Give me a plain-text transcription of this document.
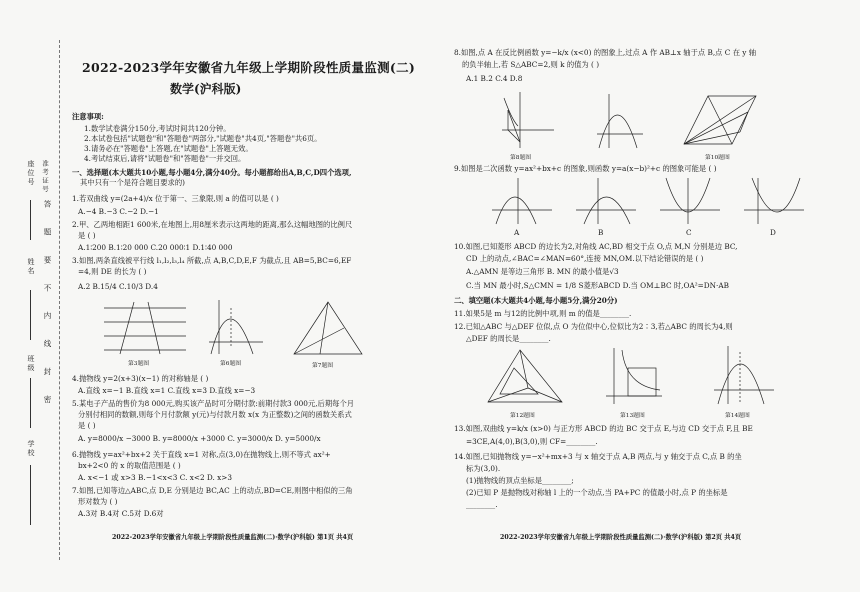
座位号
姓名
班级
学校
准考证号
答 题 要 不 内 线 封 密
2022-2023学年安徽省九年级上学期阶段性质量监测(二)
数学(沪科版)
注意事项:
1.数学试卷满分150分,考试时间共120分钟。
2.本试卷包括"试题卷"和"答题卷"两部分,"试题卷"共4页,"答题卷"共6页。
3.请务必在"答题卷"上答题,在"试题卷"上答题无效。
4.考试结束后,请将"试题卷"和"答题卷"一并交回。
一、选择题(本大题共10小题,每小题4分,满分40分。每小题都给出A,B,C,D四个选项,
其中只有一个是符合题目要求的)
1.若双曲线 y=(2a+4)/x 位于第一、三象限,则 a 的值可以是 ( )
A.−4 B.−3 C.−2 D.−1
2.甲、乙两地相距1 600米,在地图上,用8厘米表示这两地的距离,那么这幅地图的比例尺
是 ( )
A.1∶200 B.1∶20 000 C.20 000∶1 D.1∶40 000
3.如图,两条直线被平行线 l₁,l₂,l₃,l₄ 所截,点 A,B,C,D,E,F 为截点,且 AB=5,BC=6,EF
=4,则 DE 的长为 ( )
A.2 B.15/4 C.10/3 D.4
第3题图	第6题图	第7题图
4.抛物线 y=2(x+3)(x−1) 的对称轴是 ( )
A.直线 x=−1 B.直线 x=1 C.直线 x=3 D.直线 x=−3
5.某电子产品的售价为8 000元,购买该产品时可分期付款:前期付款3 000元,后期每个月
分别付相同的数额,则每个月付款额 y(元)与付款月数 x(x 为正整数)之间的函数关系式
是 ( )
A. y=8000/x −3000 B. y=8000/x +3000 C. y=3000/x D. y=5000/x
6.抛物线 y=ax²+bx+2 关于直线 x=1 对称,点(3,0)在抛物线上,则不等式 ax²+
bx+2<0 的 x 的取值范围是 ( )
A. x<−1 或 x>3 B.−1<x<3 C. x<2 D. x>3
7.如图,已知等边△ABC,点 D,E 分别是边 BC,AC 上的动点,BD=CE,则图中相似的三角
形对数为 ( )
A.3对 B.4对 C.5对 D.6对
2022-2023学年安徽省九年级上学期阶段性质量监测(二)·数学(沪科版) 第1页 共4页
8.如图,点 A 在反比例函数 y=−k/x (x<0) 的图象上,过点 A 作 AB⊥x 轴于点 B,点 C 在 y 轴
的负半轴上,若 S△ABC=2,则 k 的值为 ( )
A.1 B.2 C.4 D.8
第8题图	第10题图
9.如图是二次函数 y=ax²+bx+c 的图象,则函数 y=a(x−b)²+c 的图象可能是 ( )
A	B	C	D
10.如图,已知菱形 ABCD 的边长为2,对角线 AC,BD 相交于点 O,点 M,N 分别是边 BC,
CD 上的动点,∠BAC=∠MAN=60°,连接 MN,OM.以下结论错误的是 ( )
A.△AMN 是等边三角形 B. MN 的最小值是√3
C.当 MN 最小时,S△CMN = 1/8 S菱形ABCD D.当 OM⊥BC 时,OA²=DN·AB
二、填空题(本大题共4小题,每小题5分,满分20分)
11.如果5是 m 与12的比例中项,则 m 的值是________.
12.已知△ABC 与△DEF 位似,点 O 为位似中心,位似比为2∶3,若△ABC 的周长为4,则
△DEF 的周长是________.
第12题图	第13题图	第14题图
13.如图,双曲线 y=k/x (x>0) 与正方形 ABCD 的边 BC 交于点 E,与边 CD 交于点 F,且 BE
=3CE,A(4,0),B(3,0),则 CF=________.
14.如图,已知抛物线 y=−x²+mx+3 与 x 轴交于点 A,B 两点,与 y 轴交于点 C,点 B 的坐
标为(3,0).
(1)抛物线的顶点坐标是________;
(2)已知 P 是抛物线对称轴 l 上的一个动点,当 PA+PC 的值最小时,点 P 的坐标是
________.
2022-2023学年安徽省九年级上学期阶段性质量监测(二)·数学(沪科版) 第2页 共4页
